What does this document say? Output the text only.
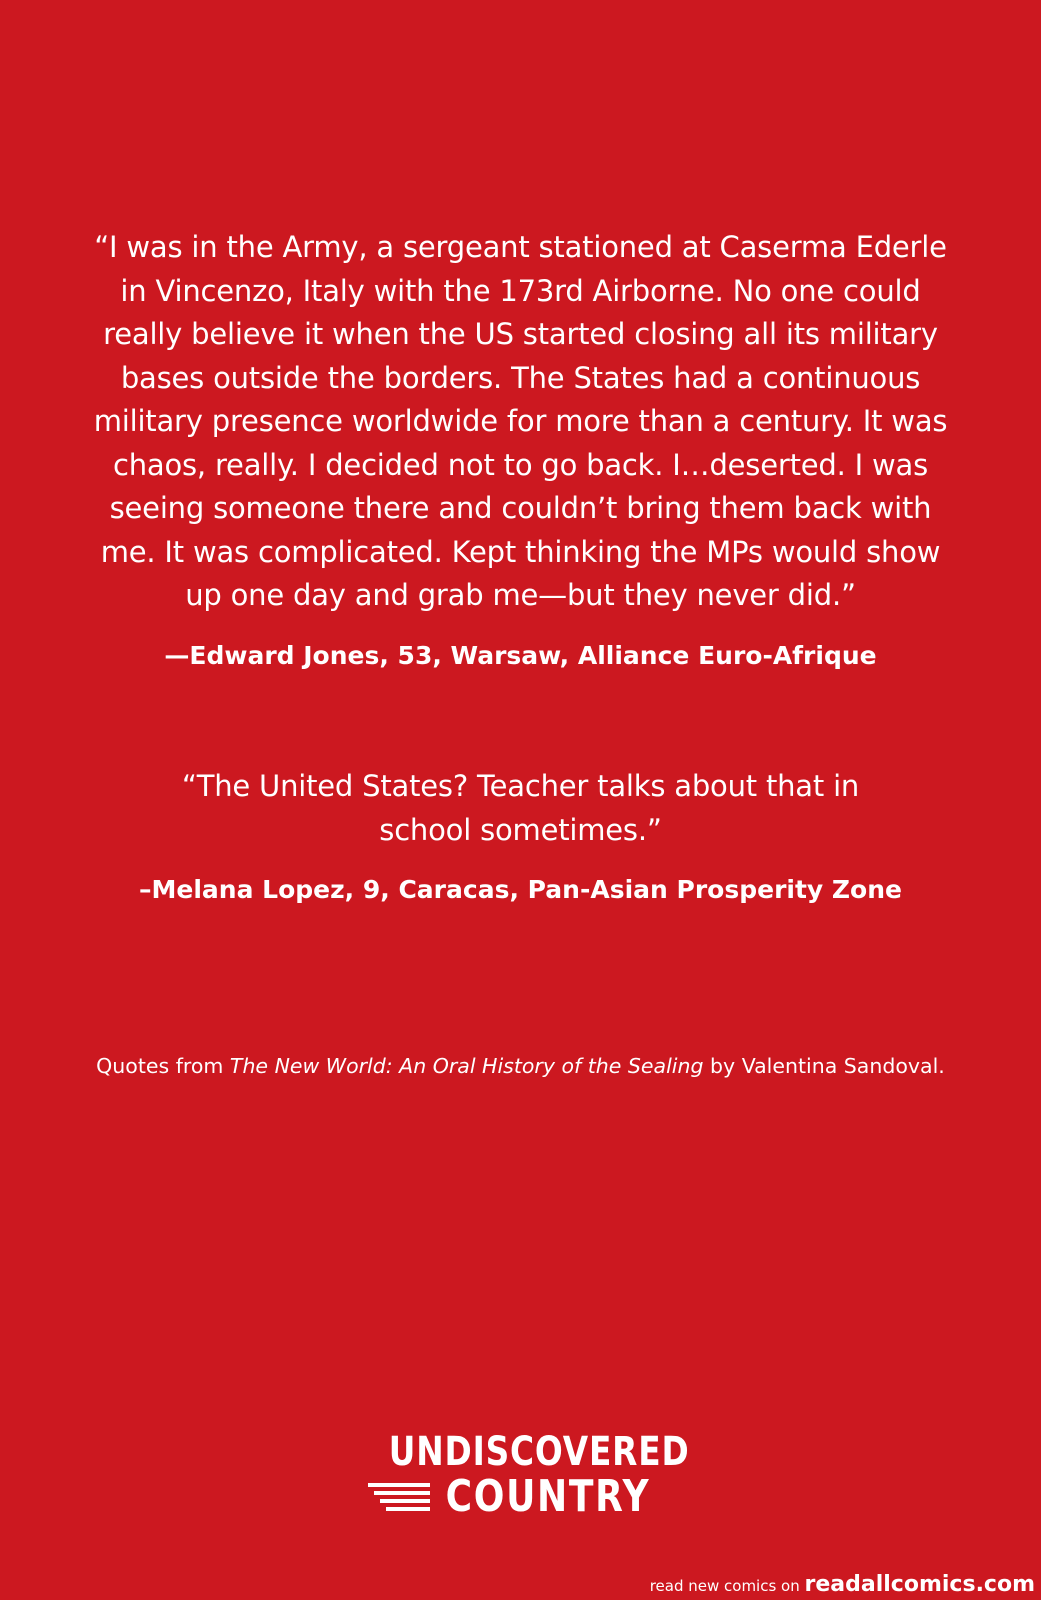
“I was in the Army, a sergeant stationed at Caserma Ederle in Vincenzo, Italy with the 173rd Airborne. No one could really believe it when the US started closing all its military bases outside the borders. The States had a continuous military presence worldwide for more than a century. It was chaos, really. I decided not to go back. I…deserted. I was seeing someone there and couldn’t bring them back with me. It was complicated. Kept thinking the MPs would show up one day and grab me—but they never did.”
—Edward Jones, 53, Warsaw, Alliance Euro-Afrique
“The United States? Teacher talks about that in school sometimes.”
–Melana Lopez, 9, Caracas, Pan-Asian Prosperity Zone
Quotes from The New World: An Oral History of the Sealing by Valentina Sandoval.
UNDISCOVERED
COUNTRY
read new comics on readallcomics.com
